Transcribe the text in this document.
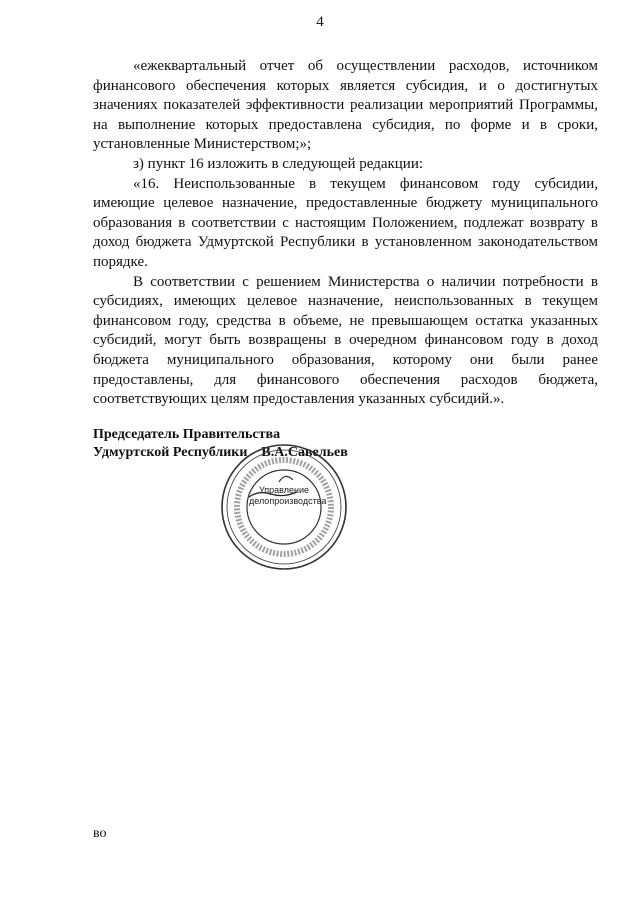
4

«ежеквартальный отчет об осуществлении расходов, источником финансового обеспечения которых является субсидия, и о достигнутых значениях показателей эффективности реализации мероприятий Программы, на выполнение которых предоставлена субсидия, по форме и в сроки, установленные Министерством;»;

з) пункт 16 изложить в следующей редакции:

«16. Неиспользованные в текущем финансовом году субсидии, имеющие целевое назначение, предоставленные бюджету муниципального образования в соответствии с настоящим Положением, подлежат возврату в доход бюджета Удмуртской Республики в установленном законодательством порядке.

В соответствии с решением Министерства о наличии потребности в субсидиях, имеющих целевое назначение, неиспользованных в текущем финансовом году, средства в объеме, не превышающем остатка указанных субсидий, могут быть возвращены в очередном финансовом году в доход бюджета муниципального образования, которому они были ранее предоставлены, для финансового обеспечения расходов бюджета, соответствующих целям предоставления указанных субсидий.».

Председатель Правительства
Удмуртской Республики    В.А.Савельев
Управление
делопроизводства
во
